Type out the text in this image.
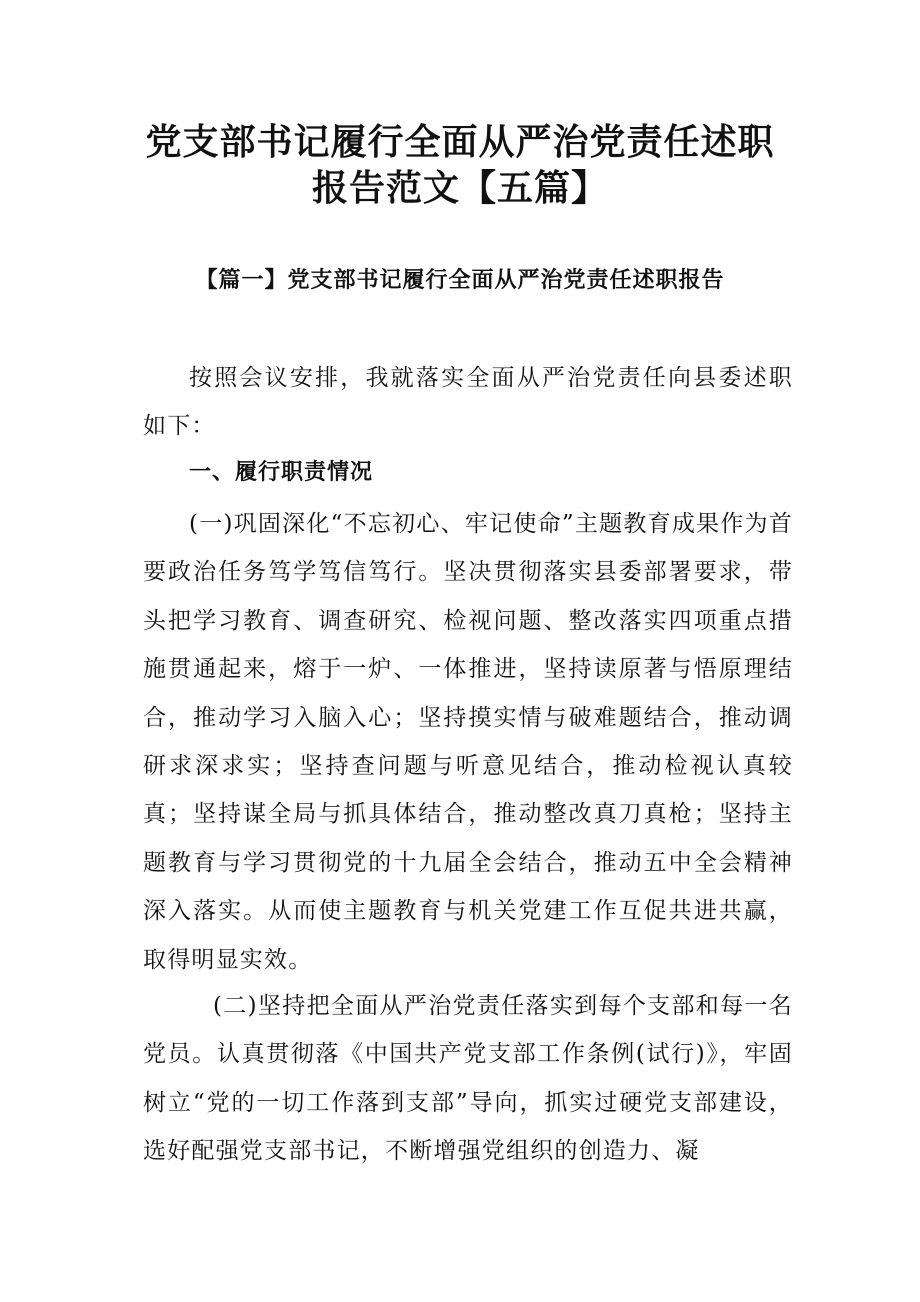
党支部书记履行全面从严治党责任述职
报告范文【五篇】
【篇一】党支部书记履行全面从严治党责任述职报告

按照会议安排，我就落实全面从严治党责任向县委述职如下：

一、履行职责情况

(一)巩固深化“不忘初心、牢记使命”主题教育成果作为首要政治任务笃学笃信笃行。坚决贯彻落实县委部署要求，带头把学习教育、调查研究、检视问题、整改落实四项重点措施贯通起来，熔于一炉、一体推进，坚持读原著与悟原理结合，推动学习入脑入心；坚持摸实情与破难题结合，推动调研求深求实；坚持查问题与听意见结合，推动检视认真较真；坚持谋全局与抓具体结合，推动整改真刀真枪；坚持主题教育与学习贯彻党的十九届全会结合，推动五中全会精神深入落实。从而使主题教育与机关党建工作互促共进共赢，取得明显实效。

(二)坚持把全面从严治党责任落实到每个支部和每一名党员。认真贯彻落《中国共产党支部工作条例(试行)》，牢固树立“党的一切工作落到支部”导向，抓实过硬党支部建设，选好配强党支部书记，不断增强党组织的创造力、凝
